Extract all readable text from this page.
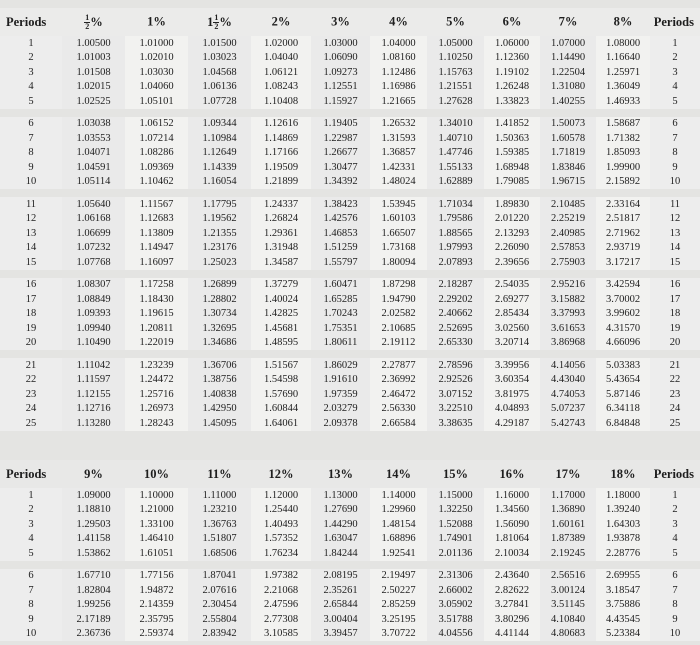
Periods	$\frac{1}{2}$ %	1%	$1 \frac{1}{2}$ %	2%	3%	4%	5%	6%	7%	8%	Periods
1	1.00500	1.01000	1.01500	1.02000	1.03000	1.04000	1.05000	1.06000	1.07000	1.08000	1
2	1.01003	1.02010	1.03023	1.04040	1.06090	1.08160	1.10250	1.12360	1.14490	1.16640	2
3	1.01508	1.03030	1.04568	1.06121	1.09273	1.12486	1.15763	1.19102	1.22504	1.25971	3
4	1.02015	1.04060	1.06136	1.08243	1.12551	1.16986	1.21551	1.26248	1.31080	1.36049	4
5	1.02525	1.05101	1.07728	1.10408	1.15927	1.21665	1.27628	1.33823	1.40255	1.46933	5

6	1.03038	1.06152	1.09344	1.12616	1.19405	1.26532	1.34010	1.41852	1.50073	1.58687	6
7	1.03553	1.07214	1.10984	1.14869	1.22987	1.31593	1.40710	1.50363	1.60578	1.71382	7
8	1.04071	1.08286	1.12649	1.17166	1.26677	1.36857	1.47746	1.59385	1.71819	1.85093	8
9	1.04591	1.09369	1.14339	1.19509	1.30477	1.42331	1.55133	1.68948	1.83846	1.99900	9
10	1.05114	1.10462	1.16054	1.21899	1.34392	1.48024	1.62889	1.79085	1.96715	2.15892	10

11	1.05640	1.11567	1.17795	1.24337	1.38423	1.53945	1.71034	1.89830	2.10485	2.33164	11
12	1.06168	1.12683	1.19562	1.26824	1.42576	1.60103	1.79586	2.01220	2.25219	2.51817	12
13	1.06699	1.13809	1.21355	1.29361	1.46853	1.66507	1.88565	2.13293	2.40985	2.71962	13
14	1.07232	1.14947	1.23176	1.31948	1.51259	1.73168	1.97993	2.26090	2.57853	2.93719	14
15	1.07768	1.16097	1.25023	1.34587	1.55797	1.80094	2.07893	2.39656	2.75903	3.17217	15

16	1.08307	1.17258	1.26899	1.37279	1.60471	1.87298	2.18287	2.54035	2.95216	3.42594	16
17	1.08849	1.18430	1.28802	1.40024	1.65285	1.94790	2.29202	2.69277	3.15882	3.70002	17
18	1.09393	1.19615	1.30734	1.42825	1.70243	2.02582	2.40662	2.85434	3.37993	3.99602	18
19	1.09940	1.20811	1.32695	1.45681	1.75351	2.10685	2.52695	3.02560	3.61653	4.31570	19
20	1.10490	1.22019	1.34686	1.48595	1.80611	2.19112	2.65330	3.20714	3.86968	4.66096	20

21	1.11042	1.23239	1.36706	1.51567	1.86029	2.27877	2.78596	3.39956	4.14056	5.03383	21
22	1.11597	1.24472	1.38756	1.54598	1.91610	2.36992	2.92526	3.60354	4.43040	5.43654	22
23	1.12155	1.25716	1.40838	1.57690	1.97359	2.46472	3.07152	3.81975	4.74053	5.87146	23
24	1.12716	1.26973	1.42950	1.60844	2.03279	2.56330	3.22510	4.04893	5.07237	6.34118	24
25	1.13280	1.28243	1.45095	1.64061	2.09378	2.66584	3.38635	4.29187	5.42743	6.84848	25
Periods	9%	10%	11%	12%	13%	14%	15%	16%	17%	18%	Periods
1	1.09000	1.10000	1.11000	1.12000	1.13000	1.14000	1.15000	1.16000	1.17000	1.18000	1
2	1.18810	1.21000	1.23210	1.25440	1.27690	1.29960	1.32250	1.34560	1.36890	1.39240	2
3	1.29503	1.33100	1.36763	1.40493	1.44290	1.48154	1.52088	1.56090	1.60161	1.64303	3
4	1.41158	1.46410	1.51807	1.57352	1.63047	1.68896	1.74901	1.81064	1.87389	1.93878	4
5	1.53862	1.61051	1.68506	1.76234	1.84244	1.92541	2.01136	2.10034	2.19245	2.28776	5

6	1.67710	1.77156	1.87041	1.97382	2.08195	2.19497	2.31306	2.43640	2.56516	2.69955	6
7	1.82804	1.94872	2.07616	2.21068	2.35261	2.50227	2.66002	2.82622	3.00124	3.18547	7
8	1.99256	2.14359	2.30454	2.47596	2.65844	2.85259	3.05902	3.27841	3.51145	3.75886	8
9	2.17189	2.35795	2.55804	2.77308	3.00404	3.25195	3.51788	3.80296	4.10840	4.43545	9
10	2.36736	2.59374	2.83942	3.10585	3.39457	3.70722	4.04556	4.41144	4.80683	5.23384	10
